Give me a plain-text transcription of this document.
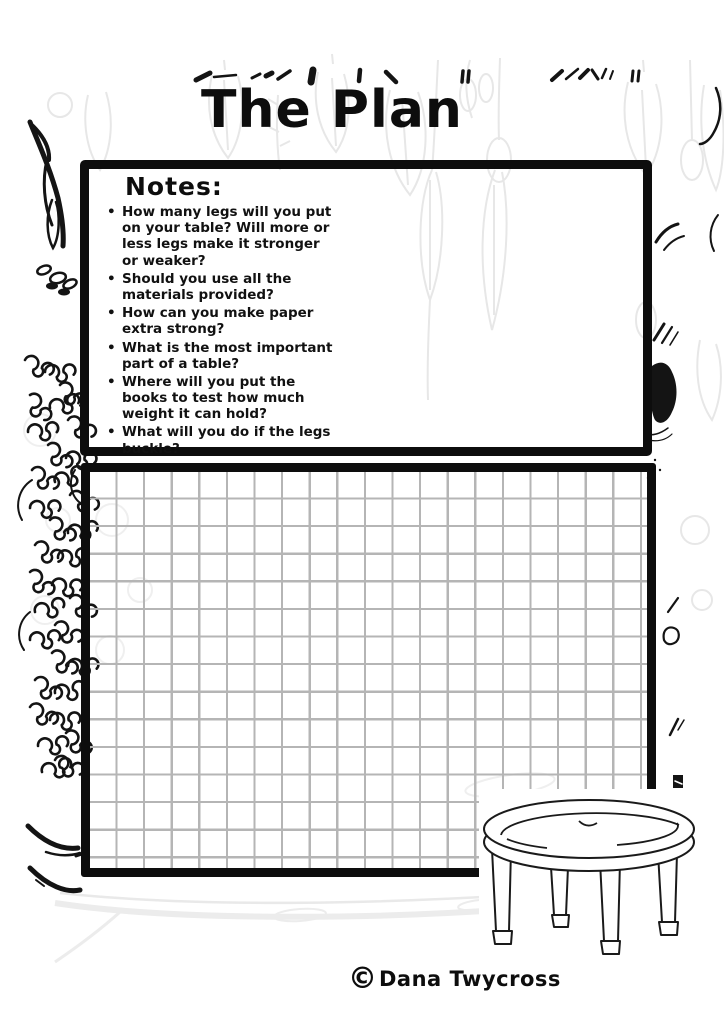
The Plan
Notes:
• How many legs will you put on your table? Will more or less legs make it stronger or weaker?
• Should you use all the materials provided?
• How can you make paper extra strong?
• What is the most important part of a table?
• Where will you put the books to test how much weight it can hold?
• What will you do if the legs buckle?
© Dana Twycross
